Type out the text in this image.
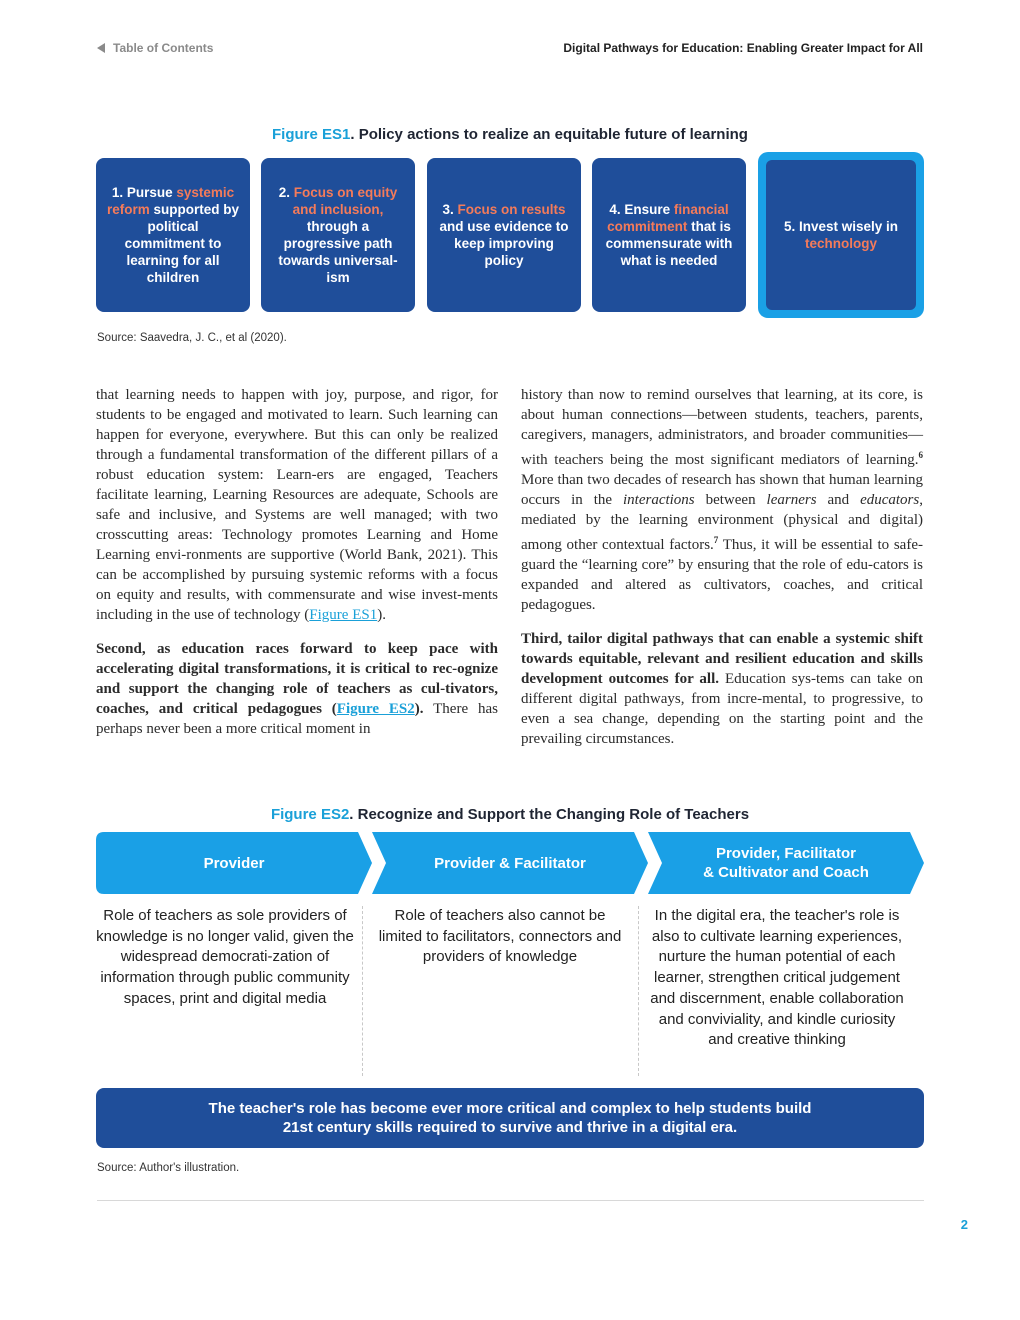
Table of Contents	Digital Pathways for Education: Enabling Greater Impact for All
Figure ES1. Policy actions to realize an equitable future of learning
1. Pursue systemic reform supported by political commitment to learning for all children
2. Focus on equity and inclusion, through a progressive path towards universal-ism
3. Focus on results and use evidence to keep improving policy
4. Ensure financial commitment that is commensurate with what is needed
5. Invest wisely in technology
Source: Saavedra, J. C., et al (2020).

that learning needs to happen with joy, purpose, and rigor, for students to be engaged and motivated to learn. Such learning can happen for everyone, everywhere. But this can only be realized through a fundamental transformation of the different pillars of a robust education system: Learn-ers are engaged, Teachers facilitate learning, Learning Resources are adequate, Schools are safe and inclusive, and Systems are well managed; with two crosscutting areas: Technology promotes Learning and Home Learning envi-ronments are supportive (World Bank, 2021). This can be accomplished by pursuing systemic reforms with a focus on equity and results, with commensurate and wise invest-ments including in the use of technology (Figure ES1).

Second, as education races forward to keep pace with accelerating digital transformations, it is critical to rec-ognize and support the changing role of teachers as cul-tivators, coaches, and critical pedagogues (Figure ES2). There has perhaps never been a more critical moment in

history than now to remind ourselves that learning, at its core, is about human connections—between students, teachers, parents, caregivers, managers, administrators, and broader communities—with teachers being the most significant mediators of learning.$^6$ More than two decades of research has shown that human learning occurs in the interactions between learners and educators, mediated by the learning environment (physical and digital) among other contextual factors.$^7$ Thus, it will be essential to safe-guard the “learning core” by ensuring that the role of edu-cators is expanded and altered as cultivators, coaches, and critical pedagogues.

Third, tailor digital pathways that can enable a systemic shift towards equitable, relevant and resilient education and skills development outcomes for all. Education sys-tems can take on different digital pathways, from incre-mental, to progressive, to even a sea change, depending on the starting point and the prevailing circumstances.

Figure ES2. Recognize and Support the Changing Role of Teachers
Provider	Provider & Facilitator
Provider, Facilitator
& Cultivator and Coach
Role of teachers as sole providers of knowledge is no longer valid, given the widespread democrati-zation of information through public community spaces, print and digital media
Role of teachers also cannot be limited to facilitators, connectors and providers of knowledge
In the digital era, the teacher's role is also to cultivate learning experiences, nurture the human potential of each learner, strengthen critical judgement and discernment, enable collaboration and conviviality, and kindle curiosity and creative thinking
The teacher's role has become ever more critical and complex to help students build
21st century skills required to survive and thrive in a digital era.
Source: Author's illustration.
2
